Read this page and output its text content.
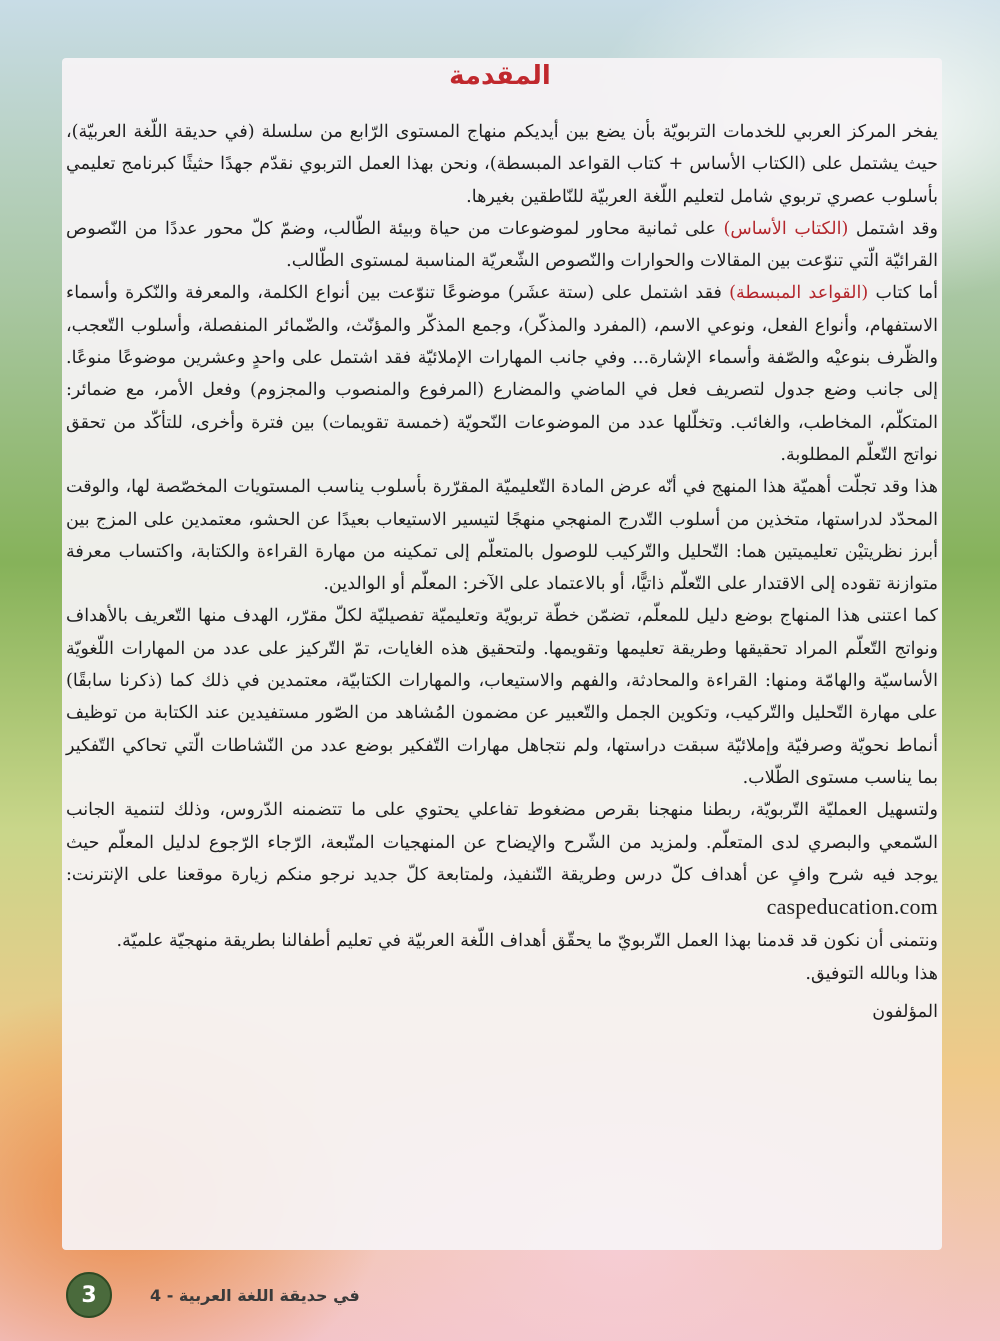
المقدمة

يفخر المركز العربي للخدمات التربويّة بأن يضع بين أيديكم منهاج المستوى الرّابع من سلسلة (في حديقة اللّغة العربيّة)، حيث يشتمل على (الكتاب الأساس + كتاب القواعد المبسطة)، ونحن بهذا العمل التربوي نقدّم جهدًا حثيثًا كبرنامج تعليمي بأسلوب عصري تربوي شامل لتعليم اللّغة العربيّة للنّاطقين بغيرها.

وقد اشتمل (الكتاب الأساس) على ثمانية محاور لموضوعات من حياة وبيئة الطّالب، وضمّ كلّ محور عددًا من النّصوص القرائيّة الّتي تنوّعت بين المقالات والحوارات والنّصوص الشّعريّة المناسبة لمستوى الطّالب.

أما كتاب (القواعد المبسطة) فقد اشتمل على (ستة عشَر) موضوعًا تنوّعت بين أنواع الكلمة، والمعرفة والنّكرة وأسماء الاستفهام، وأنواع الفعل، ونوعي الاسم، (المفرد والمذكّر)، وجمع المذكّر والمؤنّث، والضّمائر المنفصلة، وأسلوب التّعجب، والظّرف بنوعيْه والصّفة وأسماء الإشارة... وفي جانب المهارات الإملائيّة فقد اشتمل على واحدٍ وعشرين موضوعًا منوعًا. إلى جانب وضع جدول لتصريف فعل في الماضي والمضارع (المرفوع والمنصوب والمجزوم) وفعل الأمر، مع ضمائر: المتكلّم، المخاطب، والغائب. وتخلّلها عدد من الموضوعات النّحويّة (خمسة تقويمات) بين فترة وأخرى، للتأكّد من تحقق نواتج التّعلّم المطلوبة.

هذا وقد تجلّت أهميّة هذا المنهج في أنّه عرض المادة التّعليميّة المقرّرة بأسلوب يناسب المستويات المخصّصة لها، والوقت المحدّد لدراستها، متخذين من أسلوب التّدرج المنهجي منهجًا لتيسير الاستيعاب بعيدًا عن الحشو، معتمدين على المزج بين أبرز نظريتيْن تعليميتين هما: التّحليل والتّركيب للوصول بالمتعلّم إلى تمكينه من مهارة القراءة والكتابة، واكتساب معرفة متوازنة تقوده إلى الاقتدار على التّعلّم ذاتيًّا، أو بالاعتماد على الآخر: المعلّم أو الوالدين.

كما اعتنى هذا المنهاج بوضع دليل للمعلّم، تضمّن خطّة تربويّة وتعليميّة تفصيليّة لكلّ مقرّر، الهدف منها التّعريف بالأهداف ونواتج التّعلّم المراد تحقيقها وطريقة تعليمها وتقويمها. ولتحقيق هذه الغايات، تمّ التّركيز على عدد من المهارات اللّغويّة الأساسيّة والهامّة ومنها: القراءة والمحادثة، والفهم والاستيعاب، والمهارات الكتابيّة، معتمدين في ذلك كما (ذكرنا سابقًا) على مهارة التّحليل والتّركيب، وتكوين الجمل والتّعبير عن مضمون المُشاهد من الصّور مستفيدين عند الكتابة من توظيف أنماط نحويّة وصرفيّة وإملائيّة سبقت دراستها، ولم نتجاهل مهارات التّفكير بوضع عدد من النّشاطات الّتي تحاكي التّفكير بما يناسب مستوى الطّلاب.

ولتسهيل العمليّة التّربويّة، ربطنا منهجنا بقرص مضغوط تفاعلي يحتوي على ما تتضمنه الدّروس، وذلك لتنمية الجانب السّمعي والبصري لدى المتعلّم. ولمزيد من الشّرح والإيضاح عن المنهجيات المتّبعة، الرّجاء الرّجوع لدليل المعلّم حيث يوجد فيه شرح وافٍ عن أهداف كلّ درس وطريقة التّنفيذ، ولمتابعة كلّ جديد نرجو منكم زيارة موقعنا على الإنترنت: caspeducation.com

ونتمنى أن نكون قد قدمنا بهذا العمل التّربويّ ما يحقّق أهداف اللّغة العربيّة في تعليم أطفالنا بطريقة منهجيّة علميّة.

هذا وبالله التوفيق.

المؤلفون

3	في حديقة اللغة العربية - 4
